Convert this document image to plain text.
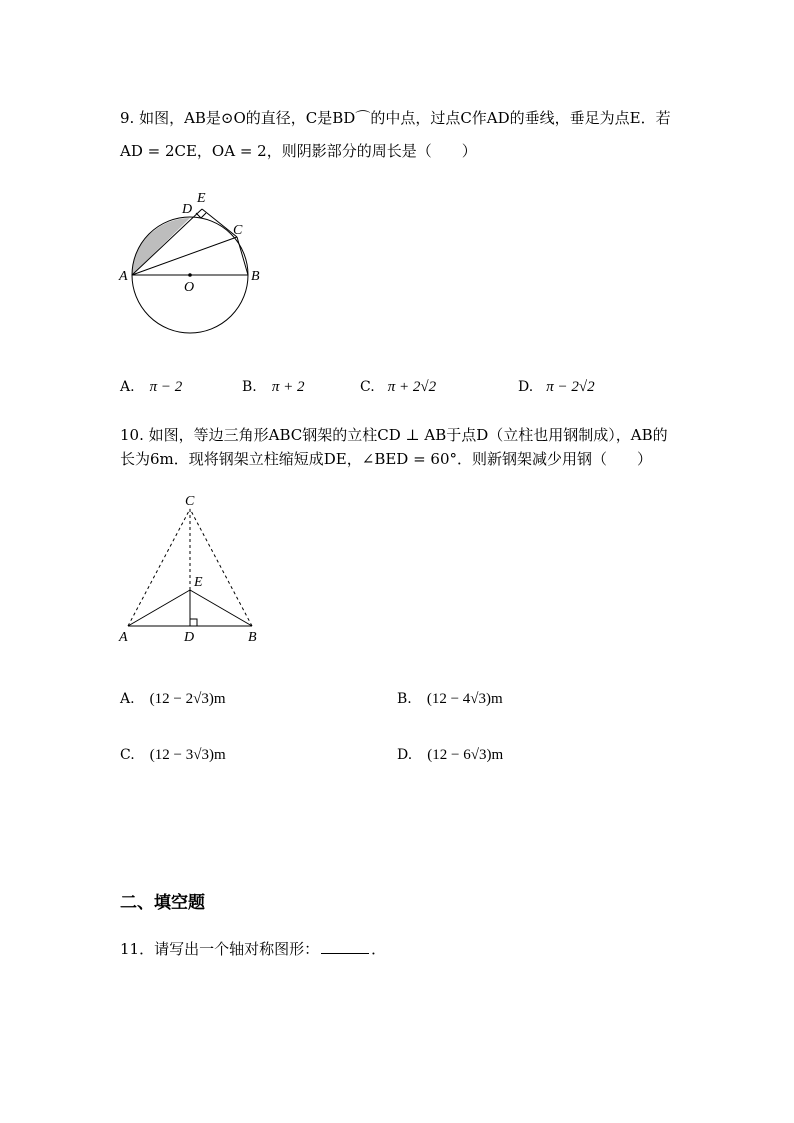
9. 如图，AB是⊙O的直径，C是BD⌒的中点，过点C作AD的垂线，垂足为点E．若
AD = 2CE，OA = 2，则阴影部分的周长是（　　）
A	B
C
D
E
O
A. π − 2	B. π + 2	C. π + 2√2	D. π − 2√2
10. 如图，等边三角形ABC钢架的立柱CD ⊥ AB于点D（立柱也用钢制成），AB的
长为6m．现将钢架立柱缩短成DE，∠BED = 60°．则新钢架减少用钢（　　）
A	B
C
D
E
A. (12 − 2√3)m	B. (12 − 4√3)m
C. (12 − 3√3)m	D. (12 − 6√3)m
二、填空题
11．请写出一个轴对称图形：	．
